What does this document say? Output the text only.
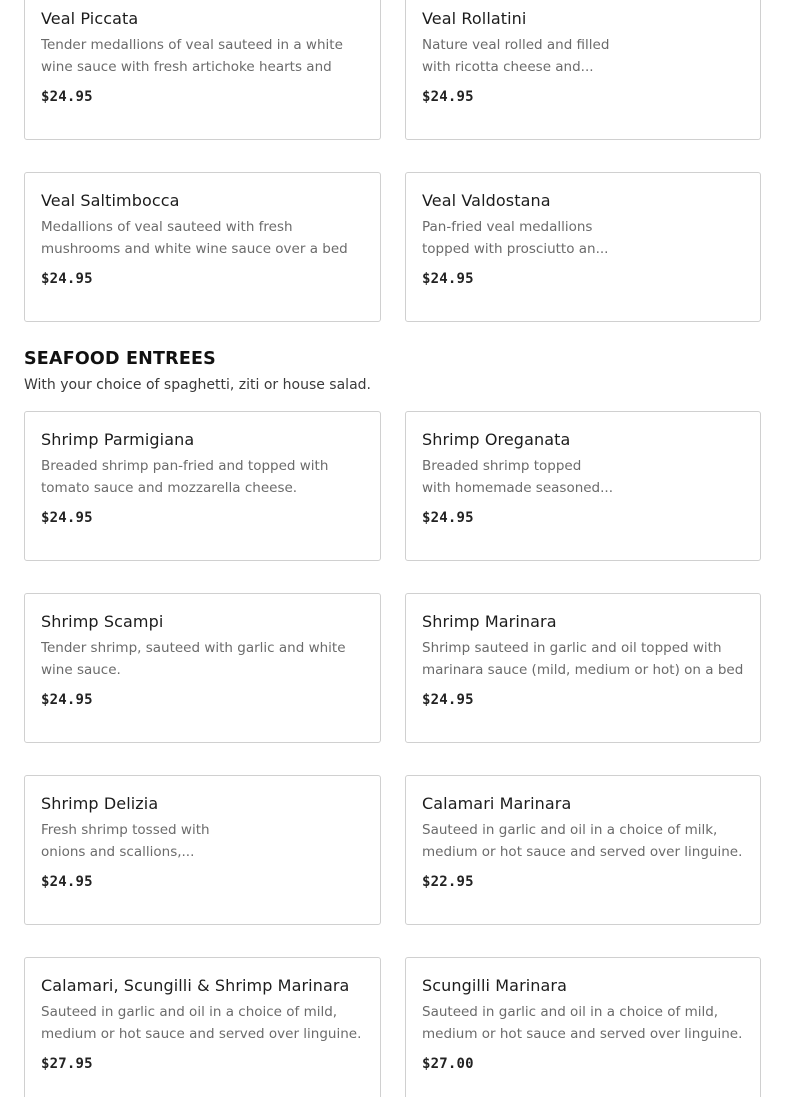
Veal Piccata
Tender medallions of veal sauteed in a white wine sauce with fresh artichoke hearts and
$24.95
Veal Rollatini
Nature veal rolled and filled
with ricotta cheese and...
$24.95
Veal Saltimbocca
Medallions of veal sauteed with fresh mushrooms and white wine sauce over a bed
$24.95
Veal Valdostana
Pan-fried veal medallions
topped with prosciutto an...
$24.95
SEAFOOD ENTREES

With your choice of spaghetti, ziti or house salad.

Shrimp Parmigiana
Breaded shrimp pan-fried and topped with tomato sauce and mozzarella cheese.
$24.95
Shrimp Oreganata
Breaded shrimp topped
with homemade seasoned...
$24.95
Shrimp Scampi
Tender shrimp, sauteed with garlic and white wine sauce.
$24.95
Shrimp Marinara
Shrimp sauteed in garlic and oil topped with marinara sauce (mild, medium or hot) on a bed
$24.95
Shrimp Delizia
Fresh shrimp tossed with
onions and scallions,...
$24.95
Calamari Marinara
Sauteed in garlic and oil in a choice of milk, medium or hot sauce and served over linguine.
$22.95
Calamari, Scungilli & Shrimp Marinara
Sauteed in garlic and oil in a choice of mild, medium or hot sauce and served over linguine.
$27.95
Scungilli Marinara
Sauteed in garlic and oil in a choice of mild, medium or hot sauce and served over linguine.
$27.00
